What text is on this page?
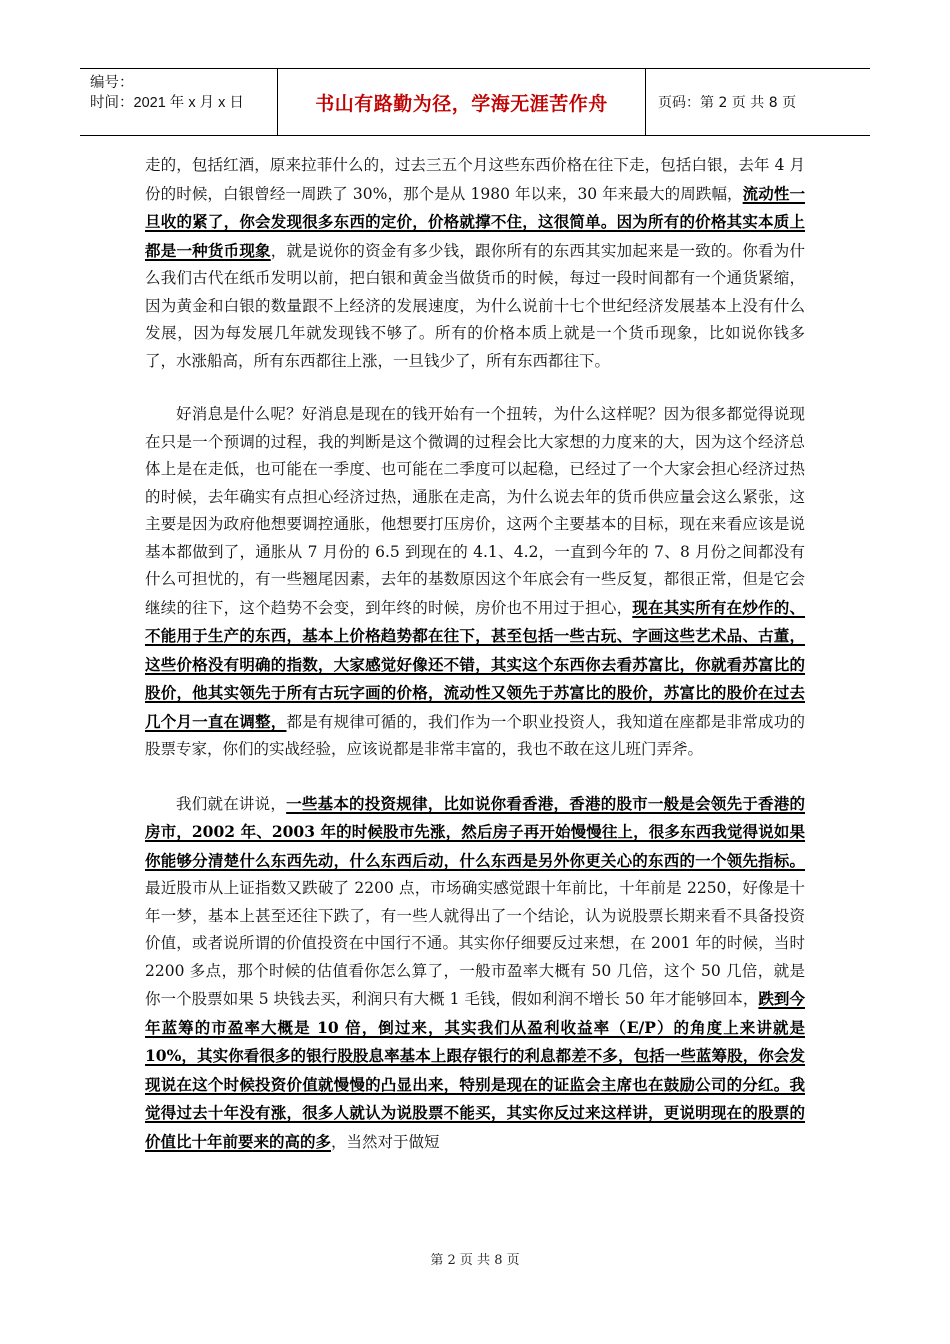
编号：
时间：2021 年 x 月 x 日	书山有路勤为径，学海无涯苦作舟	页码：第 2 页 共 8 页

走的，包括红酒，原来拉菲什么的，过去三五个月这些东西价格在往下走，包括白银，去年 4 月份的时候，白银曾经一周跌了 30%，那个是从 1980 年以来，30 年来最大的周跌幅，流动性一旦收的紧了，你会发现很多东西的定价，价格就撑不住，这很简单。因为所有的价格其实本质上都是一种货币现象，就是说你的资金有多少钱，跟你所有的东西其实加起来是一致的。你看为什么我们古代在纸币发明以前，把白银和黄金当做货币的时候，每过一段时间都有一个通货紧缩，因为黄金和白银的数量跟不上经济的发展速度，为什么说前十七个世纪经济发展基本上没有什么发展，因为每发展几年就发现钱不够了。所有的价格本质上就是一个货币现象，比如说你钱多了，水涨船高，所有东西都往上涨，一旦钱少了，所有东西都往下。

好消息是什么呢？好消息是现在的钱开始有一个扭转，为什么这样呢？因为很多都觉得说现在只是一个预调的过程，我的判断是这个微调的过程会比大家想的力度来的大，因为这个经济总体上是在走低，也可能在一季度、也可能在二季度可以起稳，已经过了一个大家会担心经济过热的时候，去年确实有点担心经济过热，通胀在走高，为什么说去年的货币供应量会这么紧张，这主要是因为政府他想要调控通胀，他想要打压房价，这两个主要基本的目标，现在来看应该是说基本都做到了，通胀从 7 月份的 6.5 到现在的 4.1、4.2，一直到今年的 7、8 月份之间都没有什么可担忧的，有一些翘尾因素，去年的基数原因这个年底会有一些反复，都很正常，但是它会继续的往下，这个趋势不会变，到年终的时候，房价也不用过于担心，现在其实所有在炒作的、不能用于生产的东西，基本上价格趋势都在往下，甚至包括一些古玩、字画这些艺术品、古董，这些价格没有明确的指数，大家感觉好像还不错，其实这个东西你去看苏富比，你就看苏富比的股价，他其实领先于所有古玩字画的价格，流动性又领先于苏富比的股价，苏富比的股价在过去几个月一直在调整，都是有规律可循的，我们作为一个职业投资人，我知道在座都是非常成功的股票专家，你们的实战经验，应该说都是非常丰富的，我也不敢在这儿班门弄斧。

我们就在讲说，一些基本的投资规律，比如说你看香港，香港的股市一般是会领先于香港的房市，2002 年、2003 年的时候股市先涨，然后房子再开始慢慢往上，很多东西我觉得说如果你能够分清楚什么东西先动，什么东西后动，什么东西是另外你更关心的东西的一个领先指标。最近股市从上证指数又跌破了 2200 点，市场确实感觉跟十年前比，十年前是 2250，好像是十年一梦，基本上甚至还往下跌了，有一些人就得出了一个结论，认为说股票长期来看不具备投资价值，或者说所谓的价值投资在中国行不通。其实你仔细要反过来想，在 2001 年的时候，当时 2200 多点，那个时候的估值看你怎么算了，一般市盈率大概有 50 几倍，这个 50 几倍，就是你一个股票如果 5 块钱去买，利润只有大概 1 毛钱，假如利润不增长 50 年才能够回本，跌到今年蓝筹的市盈率大概是 10 倍，倒过来，其实我们从盈利收益率（E/P）的角度上来讲就是 10%，其实你看很多的银行股股息率基本上跟存银行的利息都差不多，包括一些蓝筹股，你会发现说在这个时候投资价值就慢慢的凸显出来，特别是现在的证监会主席也在鼓励公司的分红。我觉得过去十年没有涨，很多人就认为说股票不能买，其实你反过来这样讲，更说明现在的股票的价值比十年前要来的高的多，当然对于做短

第 2 页 共 8 页
